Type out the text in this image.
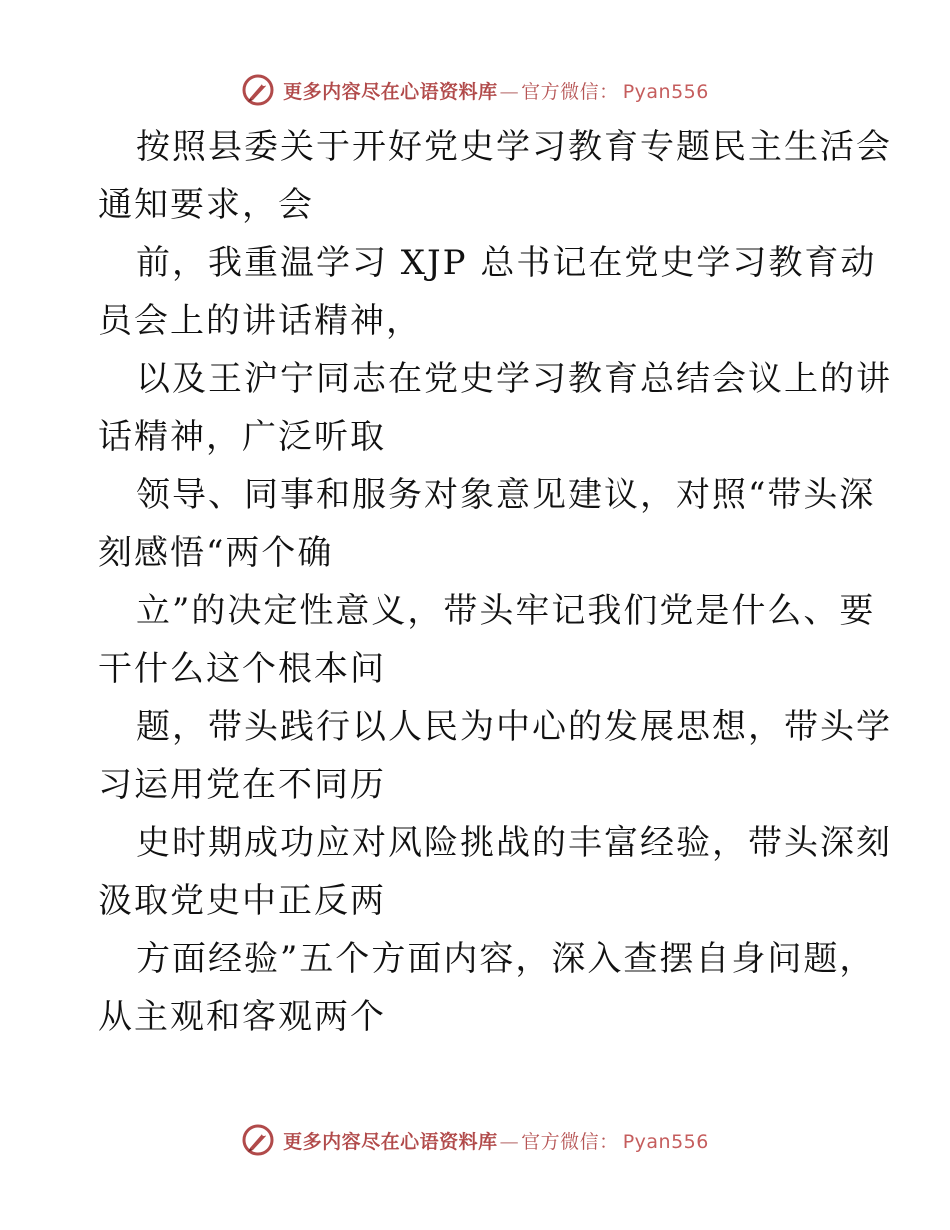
更多内容尽在心语资料库 — 官方微信： Pyan556
按照县委关于开好党史学习教育专题民主生活会
通知要求，会
前，我重温学习 XJP 总书记在党史学习教育动
员会上的讲话精神，
以及王沪宁同志在党史学习教育总结会议上的讲
话精神，广泛听取
领导、同事和服务对象意见建议，对照“带头深
刻感悟“两个确
立”的决定性意义，带头牢记我们党是什么、要
干什么这个根本问
题，带头践行以人民为中心的发展思想，带头学
习运用党在不同历
史时期成功应对风险挑战的丰富经验，带头深刻
汲取党史中正反两
方面经验”五个方面内容，深入查摆自身问题，
从主观和客观两个
更多内容尽在心语资料库 — 官方微信： Pyan556
